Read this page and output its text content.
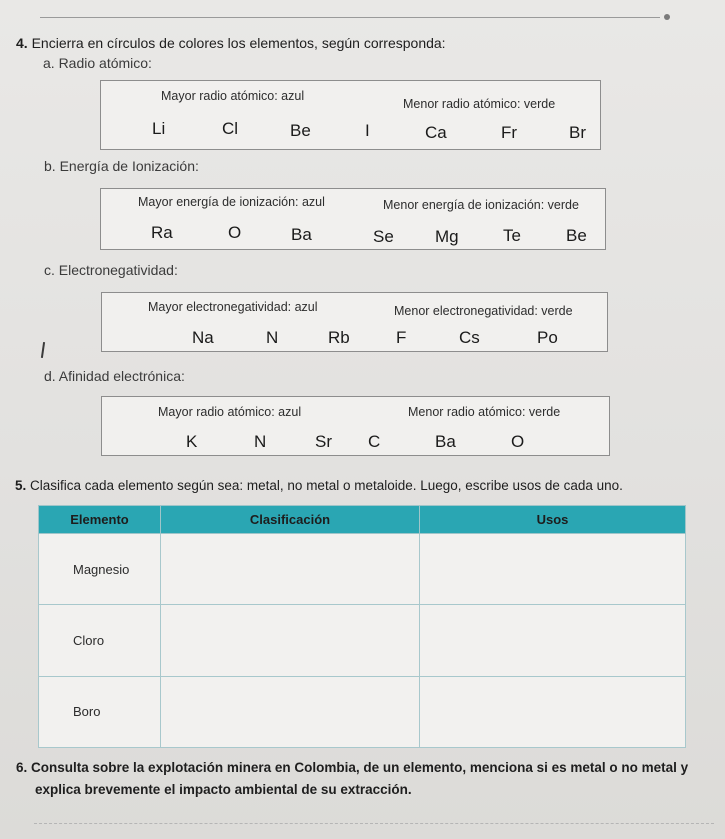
4. Encierra en círculos de colores los elementos, según corresponda:
a. Radio atómico:
Mayor radio atómico: azul
Menor radio atómico: verde
Li	Cl	Be	I	Ca	Fr	Br
b. Energía de Ionización:
Mayor energía de ionización: azul	Menor energía de ionización: verde
Ra	O	Ba	Se Mg	Te	Be
c. Electronegatividad:
Mayor electronegatividad: azul	Menor electronegatividad: verde
Na	N	Rb	F	Cs	Po
d. Afinidad electrónica:
Mayor radio atómico: azul	Menor radio atómico: verde
K	N	Sr C	Ba	O
5. Clasifica cada elemento según sea: metal, no metal o metaloide. Luego, escribe usos de cada uno.
Elemento	Clasificación	Usos
Magnesio		
Cloro		
Boro		
6. Consulta sobre la explotación minera en Colombia, de un elemento, menciona si es metal o no metal y
explica brevemente el impacto ambiental de su extracción.
